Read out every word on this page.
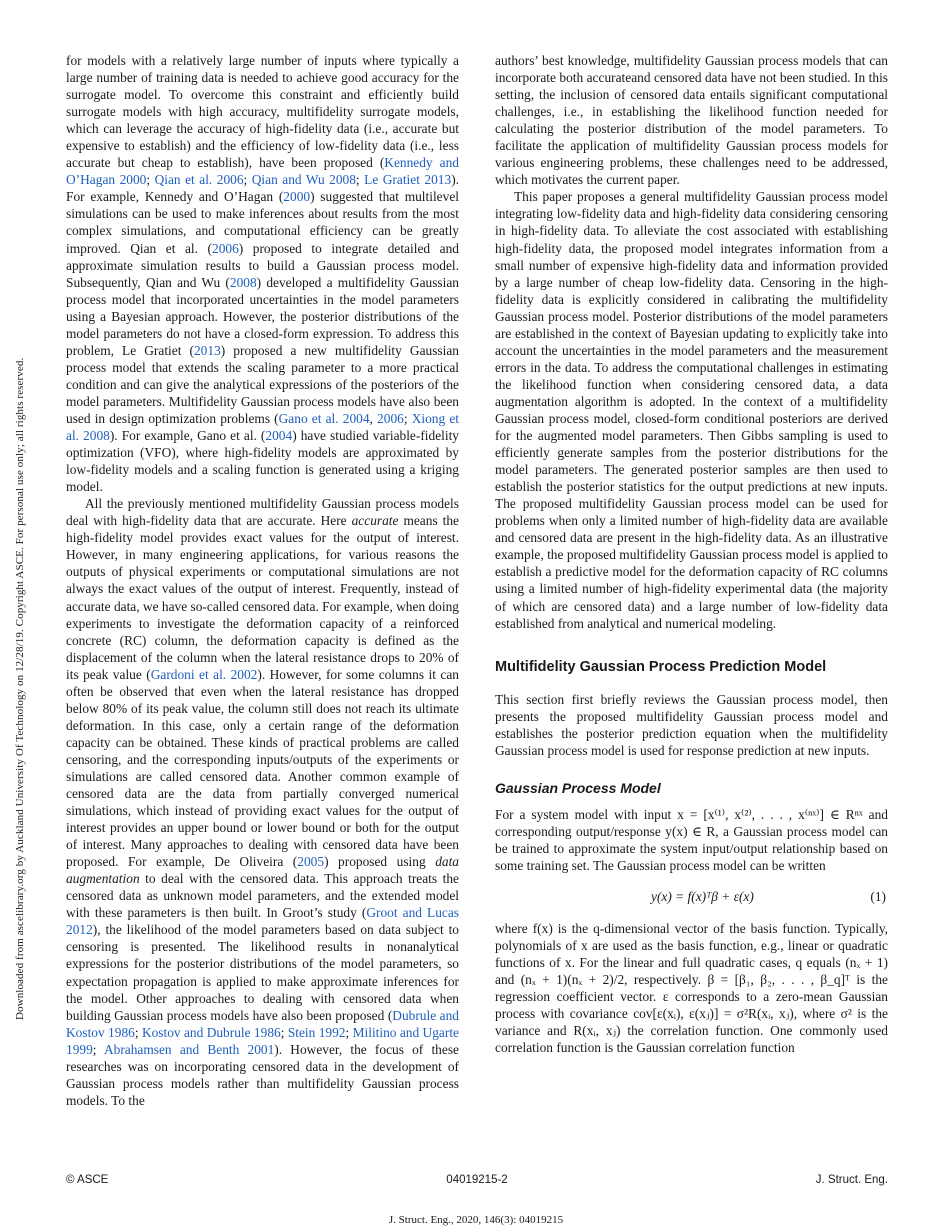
Downloaded from ascelibrary.org by Auckland University Of Technology on 12/28/19. Copyright ASCE. For personal use only; all rights reserved.

for models with a relatively large number of inputs where typically a large number of training data is needed to achieve good accuracy for the surrogate model. To overcome this constraint and efficiently build surrogate models with high accuracy, multifidelity surrogate models, which can leverage the accuracy of high-fidelity data (i.e., accurate but expensive to establish) and the efficiency of low-fidelity data (i.e., less accurate but cheap to establish), have been proposed (Kennedy and O’Hagan 2000; Qian et al. 2006; Qian and Wu 2008; Le Gratiet 2013). For example, Kennedy and O’Hagan (2000) suggested that multilevel simulations can be used to make inferences about results from the most complex simulations, and computational efficiency can be greatly improved. Qian et al. (2006) proposed to integrate detailed and approximate simulation results to build a Gaussian process model. Subsequently, Qian and Wu (2008) developed a multifidelity Gaussian process model that incorporated uncertainties in the model parameters using a Bayesian approach. However, the posterior distributions of the model parameters do not have a closed-form expression. To address this problem, Le Gratiet (2013) proposed a new multifidelity Gaussian process model that extends the scaling parameter to a more practical condition and can give the analytical expressions of the posteriors of the model parameters. Multifidelity Gaussian process models have also been used in design optimization problems (Gano et al. 2004, 2006; Xiong et al. 2008). For example, Gano et al. (2004) have studied variable-fidelity optimization (VFO), where high-fidelity models are approximated by low-fidelity models and a scaling function is generated using a kriging model.

All the previously mentioned multifidelity Gaussian process models deal with high-fidelity data that are accurate. Here accurate means the high-fidelity model provides exact values for the output of interest. However, in many engineering applications, for various reasons the outputs of physical experiments or computational simulations are not always the exact values of the output of interest. Frequently, instead of accurate data, we have so-called censored data. For example, when doing experiments to investigate the deformation capacity of a reinforced concrete (RC) column, the deformation capacity is defined as the displacement of the column when the lateral resistance drops to 20% of its peak value (Gardoni et al. 2002). However, for some columns it can often be observed that even when the lateral resistance has dropped below 80% of its peak value, the column still does not reach its ultimate deformation. In this case, only a certain range of the deformation capacity can be obtained. These kinds of practical problems are called censoring, and the corresponding inputs/outputs of the experiments or simulations are called censored data. Another common example of censored data are the data from partially converged numerical simulations, which instead of providing exact values for the output of interest provides an upper bound or lower bound or both for the output of interest. Many approaches to dealing with censored data have been proposed. For example, De Oliveira (2005) proposed using data augmentation to deal with the censored data. This approach treats the censored data as unknown model parameters, and the extended model with these parameters is then built. In Groot’s study (Groot and Lucas 2012), the likelihood of the model parameters based on data subject to censoring is presented. The likelihood results in nonanalytical expressions for the posterior distributions of the model parameters, so expectation propagation is applied to make approximate inferences for the model. Other approaches to dealing with censored data when building Gaussian process models have also been proposed (Dubrule and Kostov 1986; Kostov and Dubrule 1986; Stein 1992; Militino and Ugarte 1999; Abrahamsen and Benth 2001). However, the focus of these researches was on incorporating censored data in the development of Gaussian process models rather than multifidelity Gaussian process models. To the

authors’ best knowledge, multifidelity Gaussian process models that can incorporate both accurateand censored data have not been studied. In this setting, the inclusion of censored data entails significant computational challenges, i.e., in establishing the likelihood function needed for calculating the posterior distribution of the model parameters. To facilitate the application of multifidelity Gaussian process models for various engineering problems, these challenges need to be addressed, which motivates the current paper.

This paper proposes a general multifidelity Gaussian process model integrating low-fidelity data and high-fidelity data considering censoring in high-fidelity data. To alleviate the cost associated with establishing high-fidelity data, the proposed model integrates information from a small number of expensive high-fidelity data and information provided by a large number of cheap low-fidelity data. Censoring in the high-fidelity data is explicitly considered in calibrating the multifidelity Gaussian process model. Posterior distributions of the model parameters are established in the context of Bayesian updating to explicitly take into account the uncertainties in the model parameters and the measurement errors in the data. To address the computational challenges in estimating the likelihood function when considering censored data, a data augmentation algorithm is adopted. In the context of a multifidelity Gaussian process model, closed-form conditional posteriors are derived for the augmented model parameters. Then Gibbs sampling is used to efficiently generate samples from the posterior distributions for the model parameters. The generated posterior samples are then used to establish the posterior statistics for the output predictions at new inputs. The proposed multifidelity Gaussian process model can be used for problems when only a limited number of high-fidelity data are available and censored data are present in the high-fidelity data. As an illustrative example, the proposed multifidelity Gaussian process model is applied to establish a predictive model for the deformation capacity of RC columns using a limited number of high-fidelity experimental data (the majority of which are censored data) and a large number of low-fidelity data established from analytical and numerical modeling.

Multifidelity Gaussian Process Prediction Model

This section first briefly reviews the Gaussian process model, then presents the proposed multifidelity Gaussian process model and establishes the posterior prediction equation when the multifidelity Gaussian process model is used for response prediction at new inputs.

Gaussian Process Model

For a system model with input x = [x⁽¹⁾, x⁽²⁾, . . . , x⁽ⁿˣ⁾] ∈ Rⁿˣ and corresponding output/response y(x) ∈ R, a Gaussian process model can be trained to approximate the system input/output relationship based on some training set. The Gaussian process model can be written

y(x) = f(x)ᵀβ + ε(x)	(1)

where f(x) is the q-dimensional vector of the basis function. Typically, polynomials of x are used as the basis function, e.g., linear or quadratic functions of x. For the linear and full quadratic cases, q equals (nₓ + 1) and (nₓ + 1)(nₓ + 2)/2, respectively. β = [β₁, β₂, . . . , β_q]ᵀ is the regression coefficient vector. ε corresponds to a zero-mean Gaussian process with covariance cov[ε(xᵢ), ε(xⱼ)] = σ²R(xᵢ, xⱼ), where σ² is the variance and R(xᵢ, xⱼ) the correlation function. One commonly used correlation function is the Gaussian correlation function

© ASCE	04019215-2	J. Struct. Eng.
J. Struct. Eng., 2020, 146(3): 04019215
